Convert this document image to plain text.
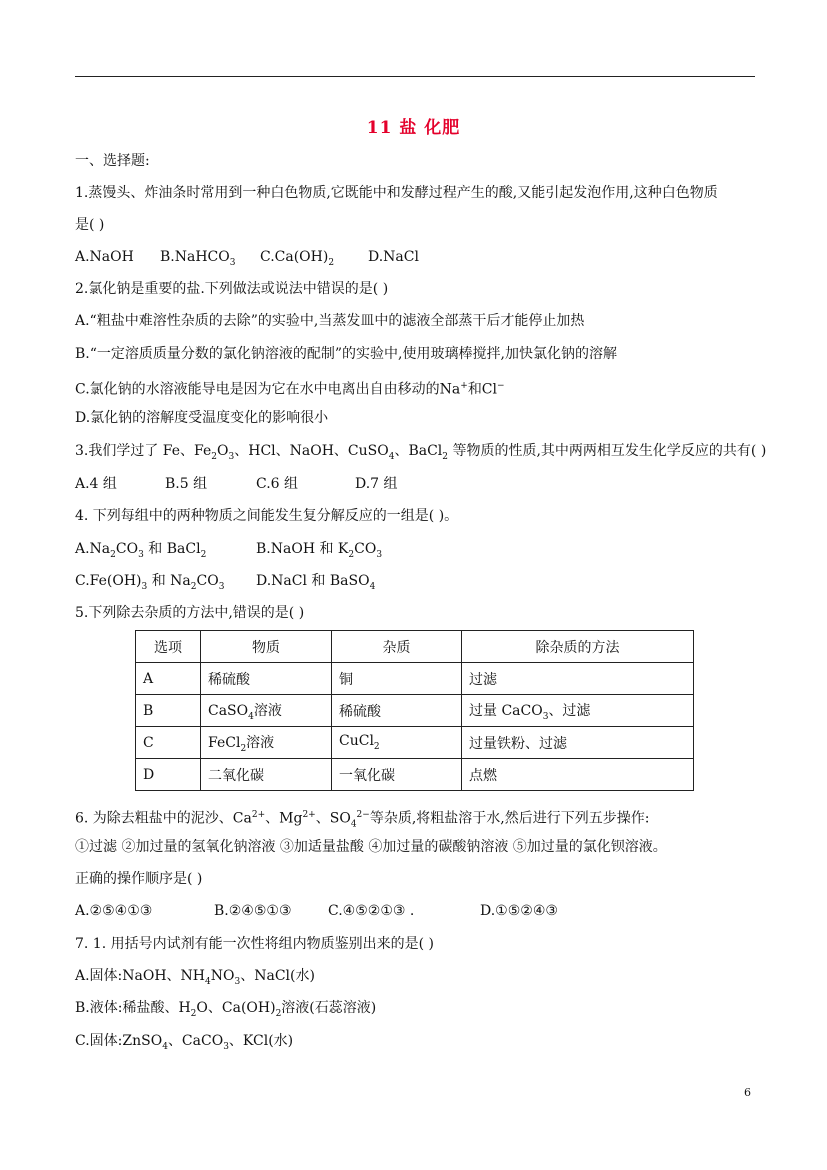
11 盐 化肥
一、选择题:
1.蒸馒头、炸油条时常用到一种白色物质,它既能中和发酵过程产生的酸,又能引起发泡作用,这种白色物质
是( )
A.NaOH B.NaHCO$_3$ $C.Ca(OH)_2$ D.NaCl
2.氯化钠是重要的盐.下列做法或说法中错误的是( )
A.“粗盐中难溶性杂质的去除”的实验中,当蒸发皿中的滤液全部蒸干后才能停止加热
B.“一定溶质质量分数的氯化钠溶液的配制”的实验中,使用玻璃棒搅拌,加快氯化钠的溶解
C.氯化钠的水溶液能导电是因为它在水中电离出自由移动的Na+和Cl−
D.氯化钠的溶解度受温度变化的影响很小
3.我们学过了 Fe、$Fe_2O_3$、HCl、NaOH、CuSO$_4$、BaCl$_2$ 等物质的性质,其中两两相互发生化学反应的共有( )
A.4 组	B.5 组	C.6 组	D.7 组
4. 下列每组中的两种物质之间能发生复分解反应的一组是( )。
$A.Na_2CO_3$ 和 BaCl$_2$	B.NaOH 和 $K_2CO_3$
$C.Fe(OH)_3$ 和 $Na_2CO_3$ D.NaCl 和 BaSO$_4$
5.下列除去杂质的方法中,错误的是( )
选项	物质	杂质	除杂质的方法
A	稀硫酸	铜	过滤
B	CaSO$_4$溶液	稀硫酸	过量 CaCO$_3$、过滤
C	FeCl$_2$溶液	CuCl$_2$	过量铁粉、过滤
D	二氧化碳	一氧化碳	点燃
6. 为除去粗盐中的泥沙、$Ca^{2+}$、$Mg^{2+}$、$SO_4^{2-}$等杂质,将粗盐溶于水,然后进行下列五步操作:
①过滤 ②加过量的氢氧化钠溶液 ③加适量盐酸 ④加过量的碳酸钠溶液 ⑤加过量的氯化钡溶液。
正确的操作顺序是( )
A.②⑤④①③	B.②④⑤①③	C.④⑤②①③ .	D.①⑤②④③
7. 1. 用括号内试剂有能一次性将组内物质鉴别出来的是( )
A.固体:NaOH、$NH_4NO_3$、NaCl(水)
B.液体:稀盐酸、$H_2O$、$Ca(OH)_2$溶液(石蕊溶液)
C.固体:ZnSO$_4$、CaCO$_3$、KCl(水)
6
